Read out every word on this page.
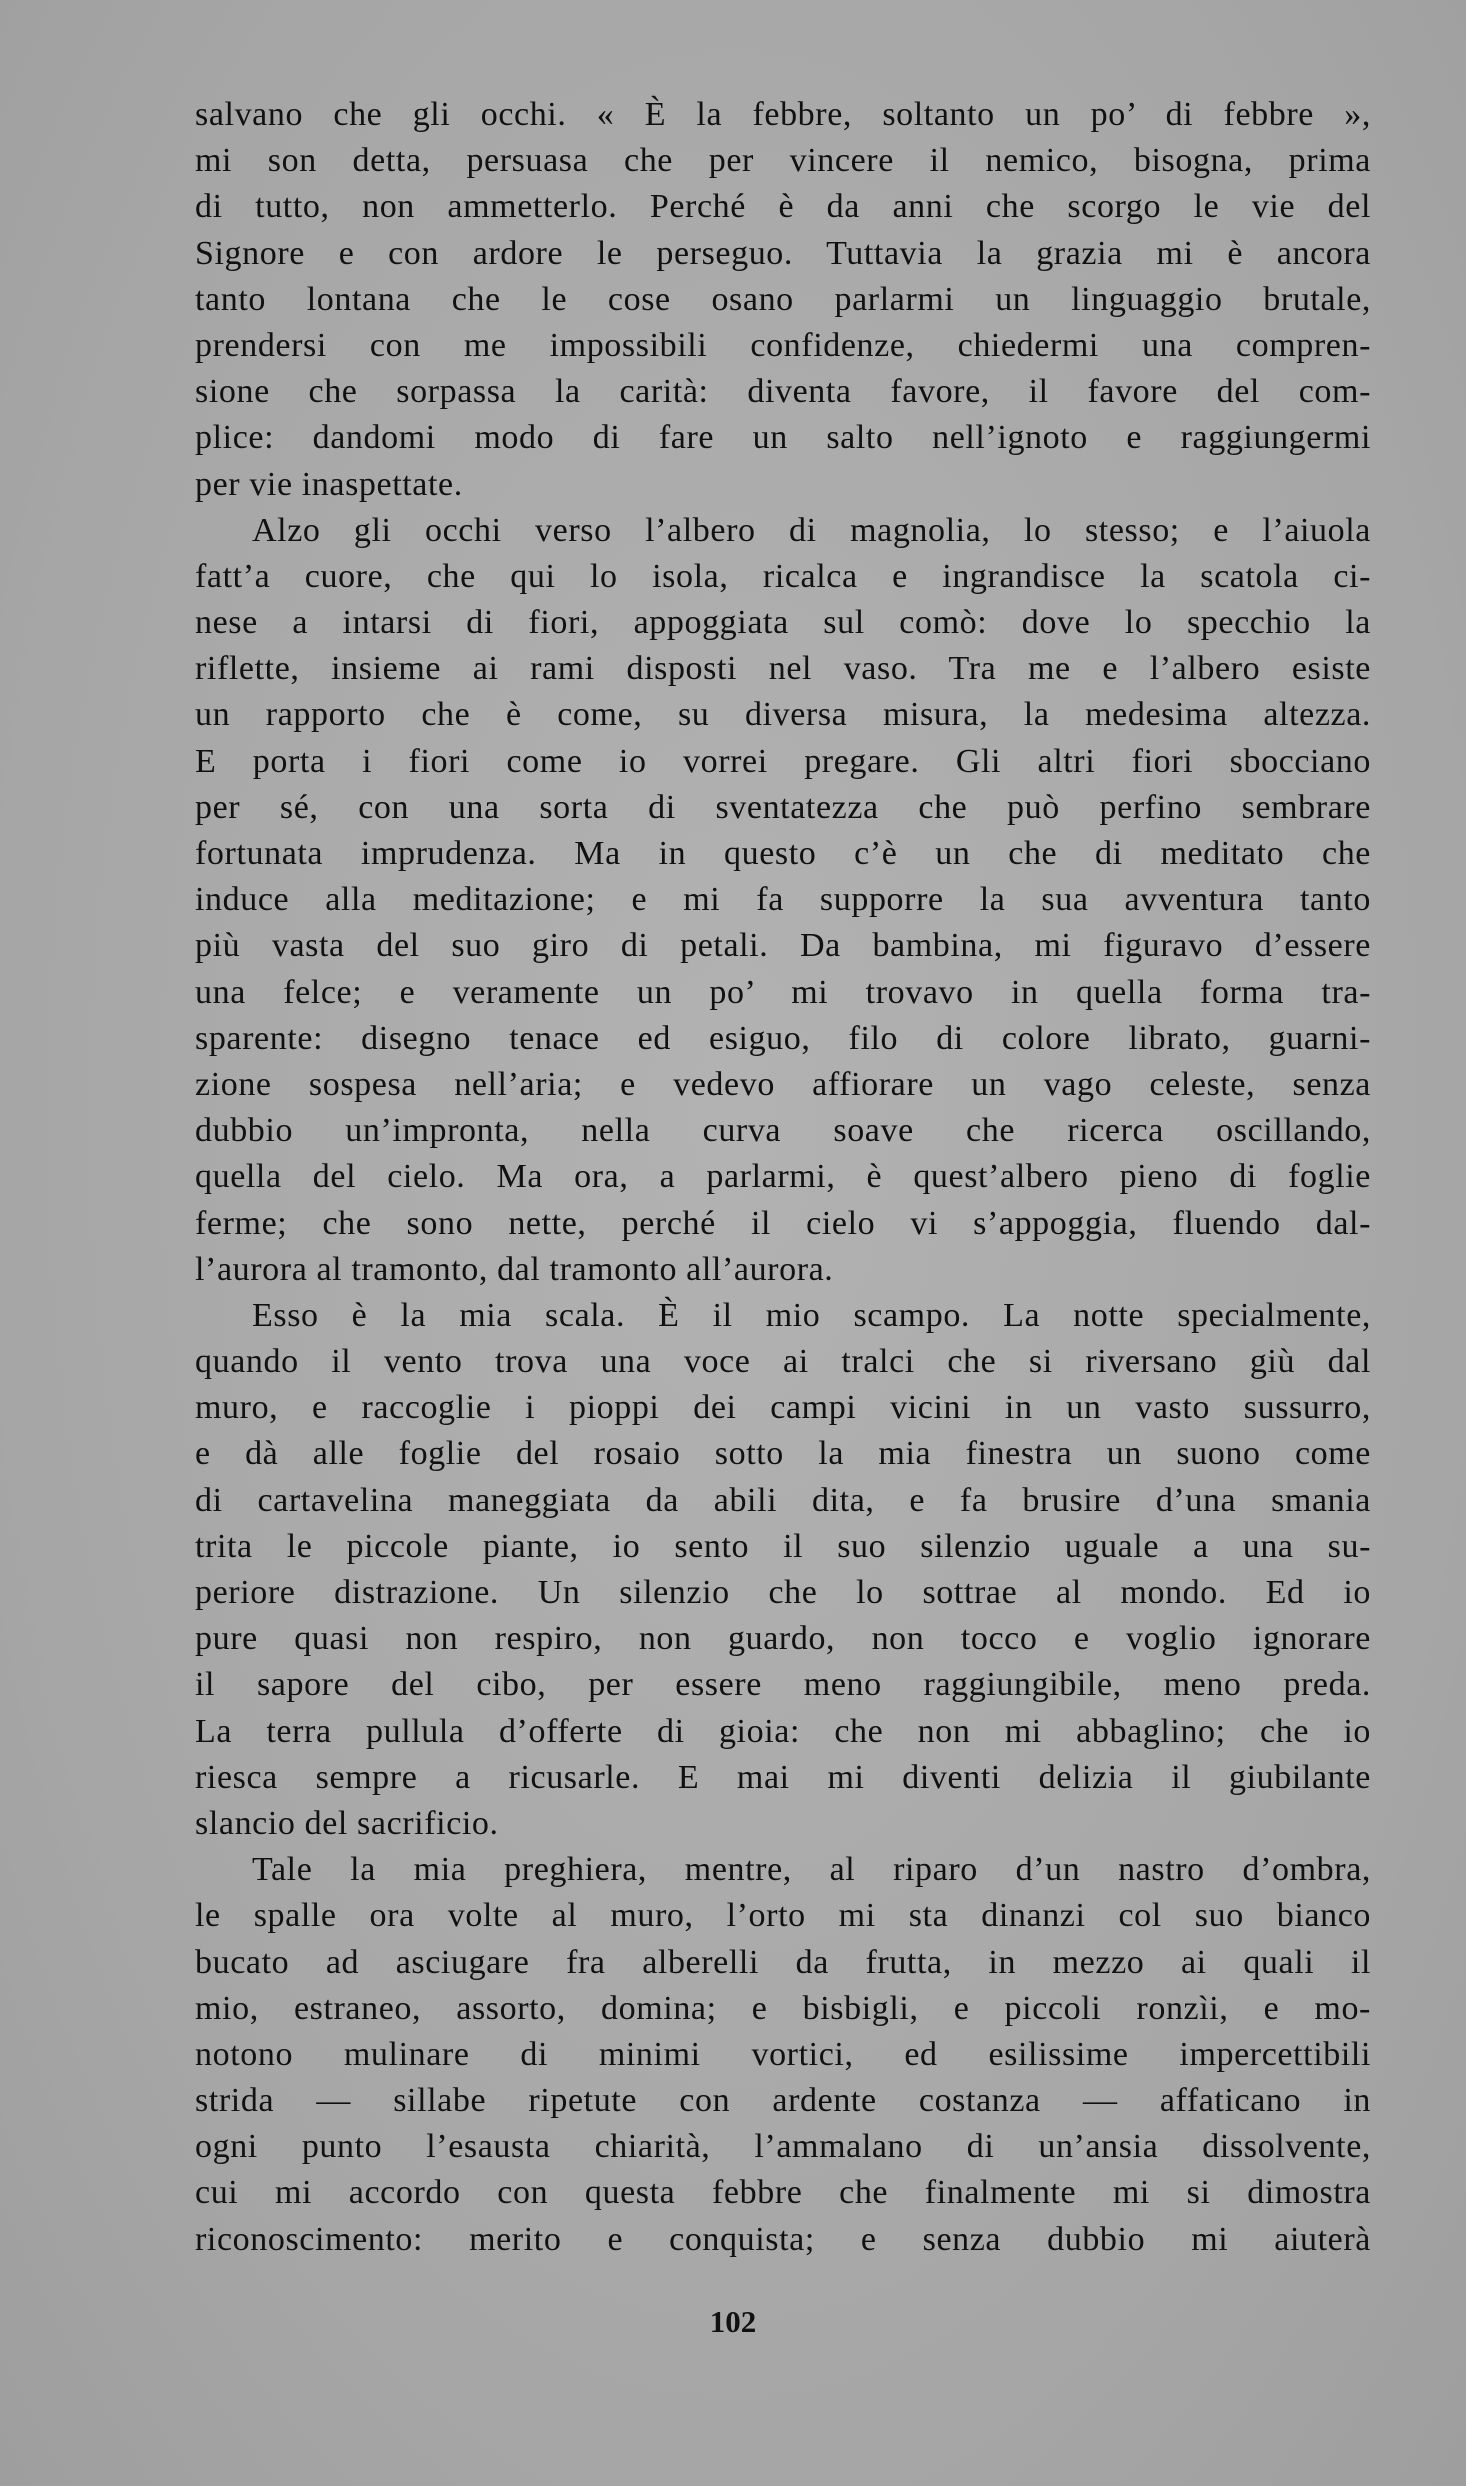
salvano che gli occhi. « È la febbre, soltanto un po’ di febbre »,
mi son detta, persuasa che per vincere il nemico, bisogna, prima
di tutto, non ammetterlo. Perché è da anni che scorgo le vie del
Signore e con ardore le perseguo. Tuttavia la grazia mi è ancora
tanto lontana che le cose osano parlarmi un linguaggio brutale,
prendersi con me impossibili confidenze, chiedermi una compren-
sione che sorpassa la carità: diventa favore, il favore del com-
plice: dandomi modo di fare un salto nell’ignoto e raggiungermi
per vie inaspettate.
Alzo gli occhi verso l’albero di magnolia, lo stesso; e l’aiuola
fatt’a cuore, che qui lo isola, ricalca e ingrandisce la scatola ci-
nese a intarsi di fiori, appoggiata sul comò: dove lo specchio la
riflette, insieme ai rami disposti nel vaso. Tra me e l’albero esiste
un rapporto che è come, su diversa misura, la medesima altezza.
E porta i fiori come io vorrei pregare. Gli altri fiori sbocciano
per sé, con una sorta di sventatezza che può perfino sembrare
fortunata imprudenza. Ma in questo c’è un che di meditato che
induce alla meditazione; e mi fa supporre la sua avventura tanto
più vasta del suo giro di petali. Da bambina, mi figuravo d’essere
una felce; e veramente un po’ mi trovavo in quella forma tra-
sparente: disegno tenace ed esiguo, filo di colore librato, guarni-
zione sospesa nell’aria; e vedevo affiorare un vago celeste, senza
dubbio un’impronta, nella curva soave che ricerca oscillando,
quella del cielo. Ma ora, a parlarmi, è quest’albero pieno di foglie
ferme; che sono nette, perché il cielo vi s’appoggia, fluendo dal-
l’aurora al tramonto, dal tramonto all’aurora.
Esso è la mia scala. È il mio scampo. La notte specialmente,
quando il vento trova una voce ai tralci che si riversano giù dal
muro, e raccoglie i pioppi dei campi vicini in un vasto sussurro,
e dà alle foglie del rosaio sotto la mia finestra un suono come
di cartavelina maneggiata da abili dita, e fa brusire d’una smania
trita le piccole piante, io sento il suo silenzio uguale a una su-
periore distrazione. Un silenzio che lo sottrae al mondo. Ed io
pure quasi non respiro, non guardo, non tocco e voglio ignorare
il sapore del cibo, per essere meno raggiungibile, meno preda.
La terra pullula d’offerte di gioia: che non mi abbaglino; che io
riesca sempre a ricusarle. E mai mi diventi delizia il giubilante
slancio del sacrificio.
Tale la mia preghiera, mentre, al riparo d’un nastro d’ombra,
le spalle ora volte al muro, l’orto mi sta dinanzi col suo bianco
bucato ad asciugare fra alberelli da frutta, in mezzo ai quali il
mio, estraneo, assorto, domina; e bisbigli, e piccoli ronzìi, e mo-
notono mulinare di minimi vortici, ed esilissime impercettibili
strida — sillabe ripetute con ardente costanza — affaticano in
ogni punto l’esausta chiarità, l’ammalano di un’ansia dissolvente,
cui mi accordo con questa febbre che finalmente mi si dimostra
riconoscimento: merito e conquista; e senza dubbio mi aiuterà
102
